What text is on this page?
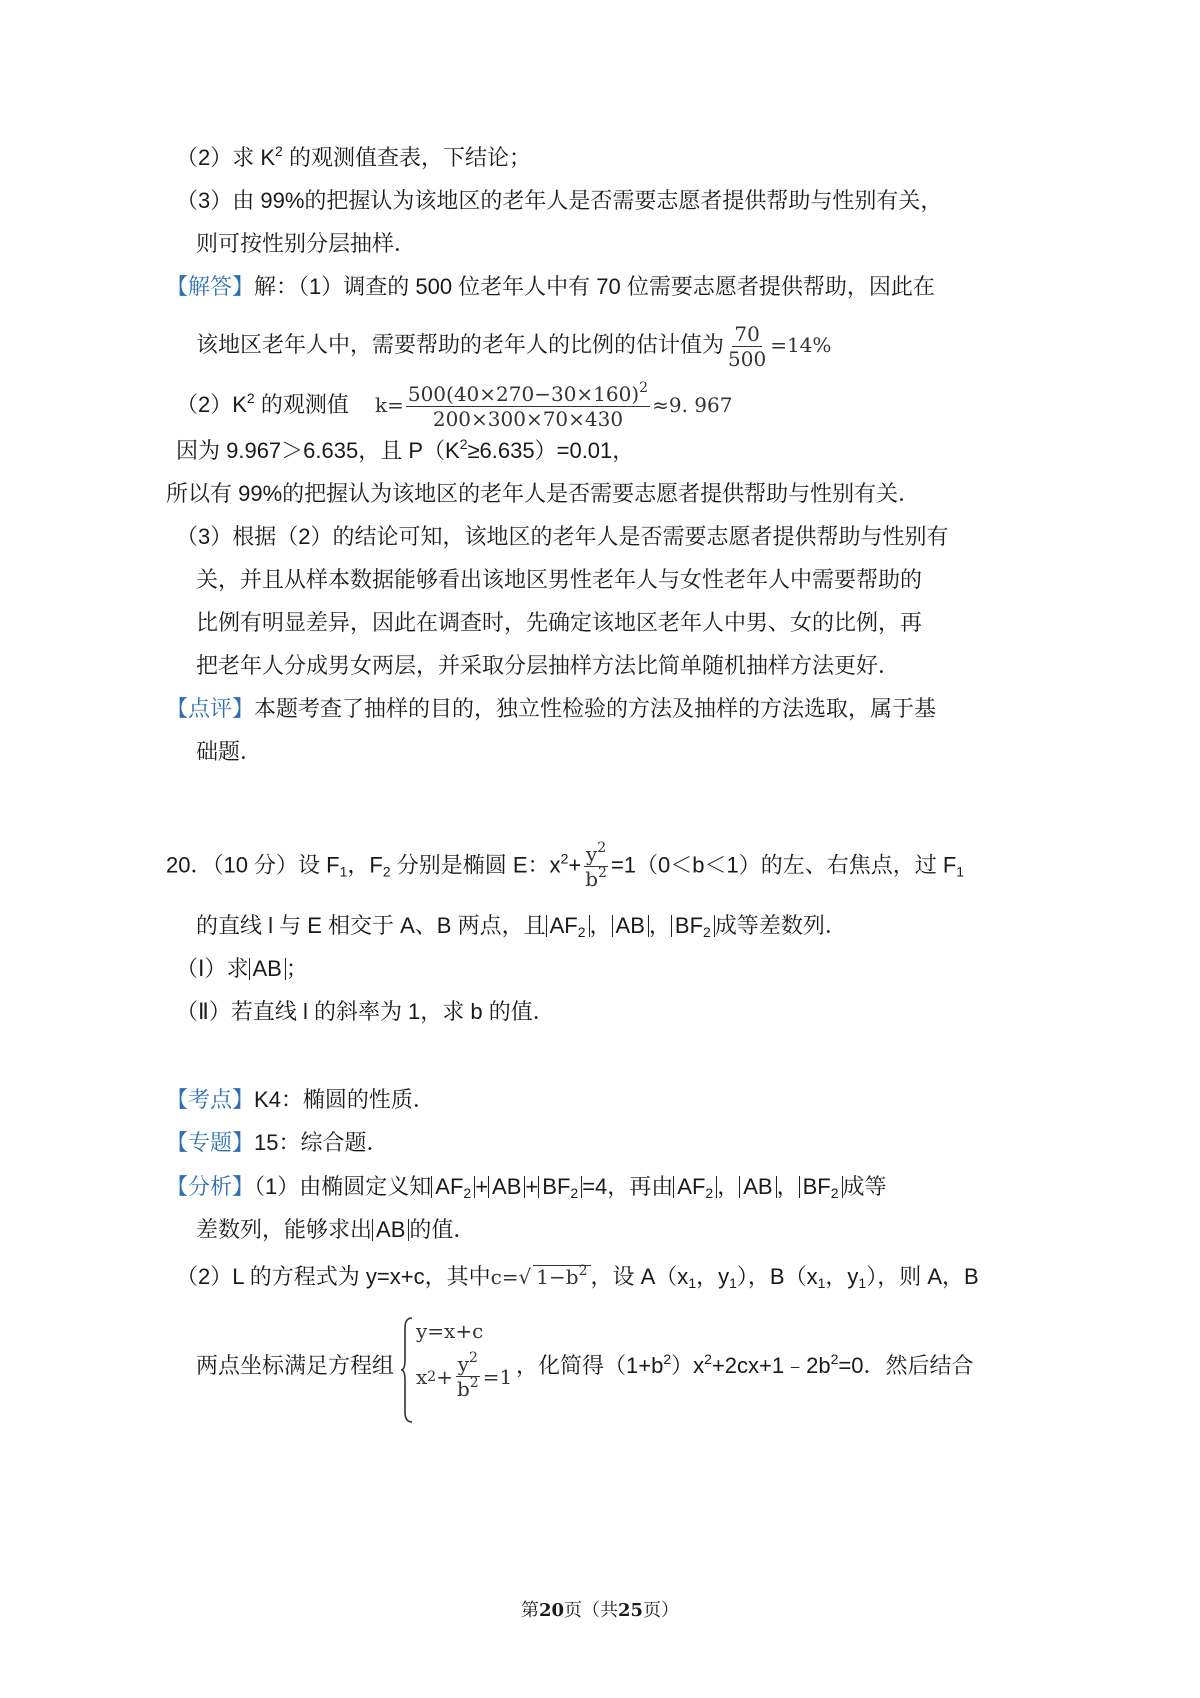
（2）求 $K^2$ 的观测值查表，下结论；
（3）由 99%的把握认为该地区的老年人是否需要志愿者提供帮助与性别有关，
则可按性别分层抽样．
【解答】解：（1）调查的 500 位老年人中有 70 位需要志愿者提供帮助，因此在
该地区老年人中，需要帮助的老年人的比例的估计值为 $\frac{70}{500} =14\%$
$(2)K^2$ 的观测值 $k= \frac{500(40\times 270-30\times 160)^2}{200\times 300\times 70\times 430} \approx 9$. 967
因为 9.967＞6.635，且 $P(K^2\ge 6.635)=0.01$，
所以有 99%的把握认为该地区的老年人是否需要志愿者提供帮助与性别有关．
（3）根据（2）的结论可知，该地区的老年人是否需要志愿者提供帮助与性别有
关，并且从样本数据能够看出该地区男性老年人与女性老年人中需要帮助的
比例有明显差异，因此在调查时，先确定该地区老年人中男、女的比例，再
把老年人分成男女两层，并采取分层抽样方法比简单随机抽样方法更好．
【点评】本题考查了抽样的目的，独立性检验的方法及抽样的方法选取，属于基
础题．
20．（10 分）设 $F_1$，$F_2$ 分别是椭圆 E：$x^2+ \frac{y^2}{b^2} =1(0<b<1)$的左、右焦点，过 $F_1$
的直线 l 与 E 相交于 A、B 两点，且 $AF_2$ ， AB ， $BF_2$ 成等差数列．
（Ⅰ）求 AB ；
（Ⅱ）若直线 l 的斜率为 1，求 b 的值．
【考点】K4：椭圆的性质．
【专题】15：综合题．
【分析】（1）由椭圆定义知 $AF_2$ + AB + $BF_2 =4$，再由 $AF_2$ ， AB ， $BF_2$ 成等
差数列，能够求出 AB 的值．
（2）L 的方程式为 y=x+c，其中c=√ $1-b^2$ ，设 $A(x_1$，$y_1$），$B(x_1$，$y_1$），则 A，B
两点坐标满足方程组
y=x+c
x $2 + \frac{y^2}{b^2} =1$ ，化简得$(1+b^2)x^2+2cx+1﹣2b^2=0$．然后结合
第20页（共25页）
